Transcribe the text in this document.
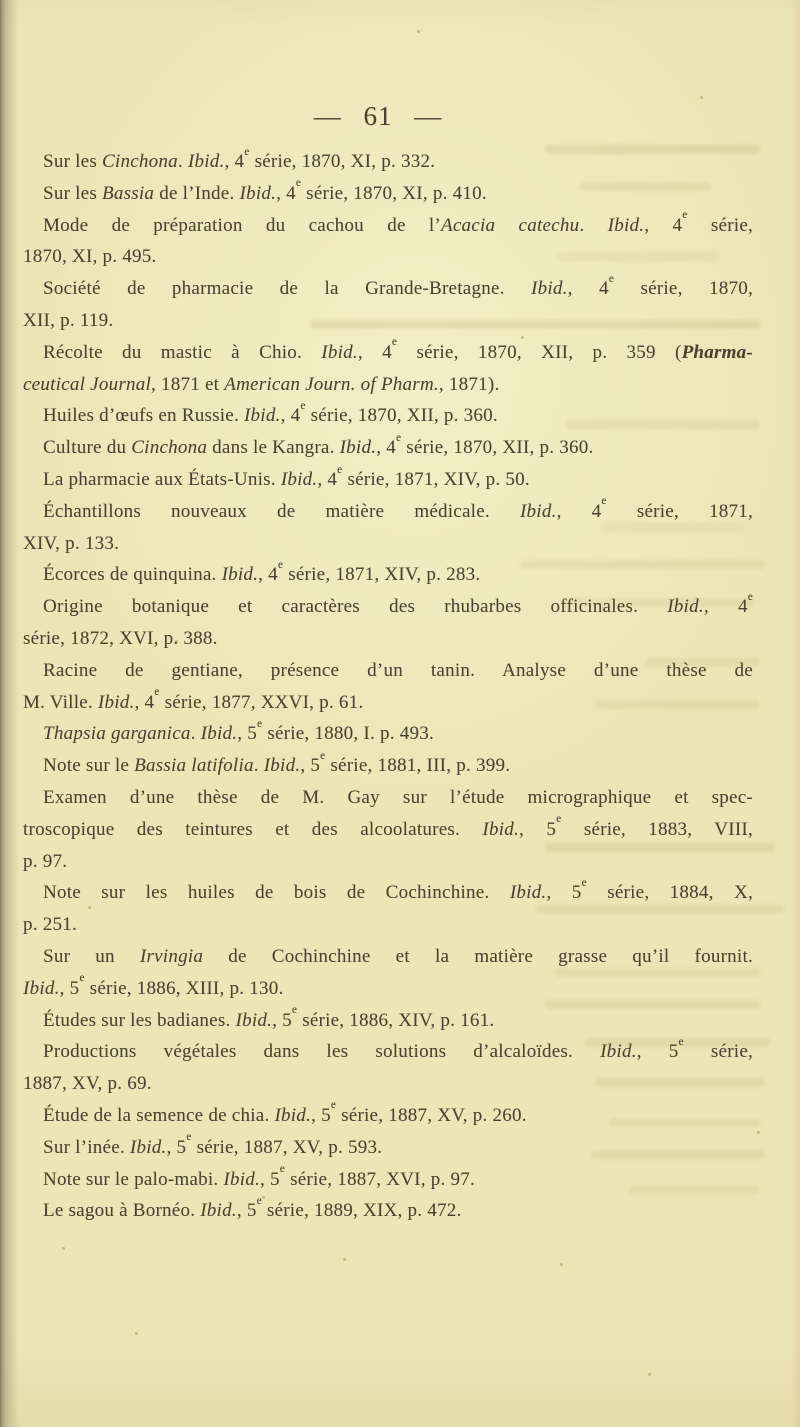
— 61 —

Sur les Cinchona. Ibid., 4e série, 1870, XI, p. 332.

Sur les Bassia de l’Inde. Ibid., 4e série, 1870, XI, p. 410.

Mode de préparation du cachou de l’Acacia catechu. Ibid., 4e série,
1870, XI, p. 495.

Société de pharmacie de la Grande-Bretagne. Ibid., 4e série, 1870,
XII, p. 119.

Récolte du mastic à Chio. Ibid., 4e série, 1870, XII, p. 359 (Pharma-
ceutical Journal, 1871 et American Journ. of Pharm., 1871).

Huiles d’œufs en Russie. Ibid., 4e série, 1870, XII, p. 360.

Culture du Cinchona dans le Kangra. Ibid., 4e série, 1870, XII, p. 360.

La pharmacie aux États-Unis. Ibid., 4e série, 1871, XIV, p. 50.

Échantillons nouveaux de matière médicale. Ibid., 4e série, 1871,
XIV, p. 133.

Écorces de quinquina. Ibid., 4e série, 1871, XIV, p. 283.

Origine botanique et caractères des rhubarbes officinales. Ibid., 4e
série, 1872, XVI, p. 388.

Racine de gentiane, présence d’un tanin. Analyse d’une thèse de
M. Ville. Ibid., 4e série, 1877, XXVI, p. 61.

Thapsia garganica. Ibid., 5e série, 1880, I. p. 493.

Note sur le Bassia latifolia. Ibid., 5e série, 1881, III, p. 399.

Examen d’une thèse de M. Gay sur l’étude micrographique et spec-
troscopique des teintures et des alcoolatures. Ibid., 5e série, 1883, VIII,
p. 97.

Note sur les huiles de bois de Cochinchine. Ibid., 5e série, 1884, X,
p. 251.

Sur un Irvingia de Cochinchine et la matière grasse qu’il fournit.
Ibid., 5e série, 1886, XIII, p. 130.

Études sur les badianes. Ibid., 5e série, 1886, XIV, p. 161.

Productions végétales dans les solutions d’alcaloïdes. Ibid., 5e série,
1887, XV, p. 69.

Étude de la semence de chia. Ibid., 5e série, 1887, XV, p. 260.

Sur l’inée. Ibid., 5e série, 1887, XV, p. 593.

Note sur le palo-mabi. Ibid., 5e série, 1887, XVI, p. 97.

Le sagou à Bornéo. Ibid., 5e série, 1889, XIX, p. 472.
